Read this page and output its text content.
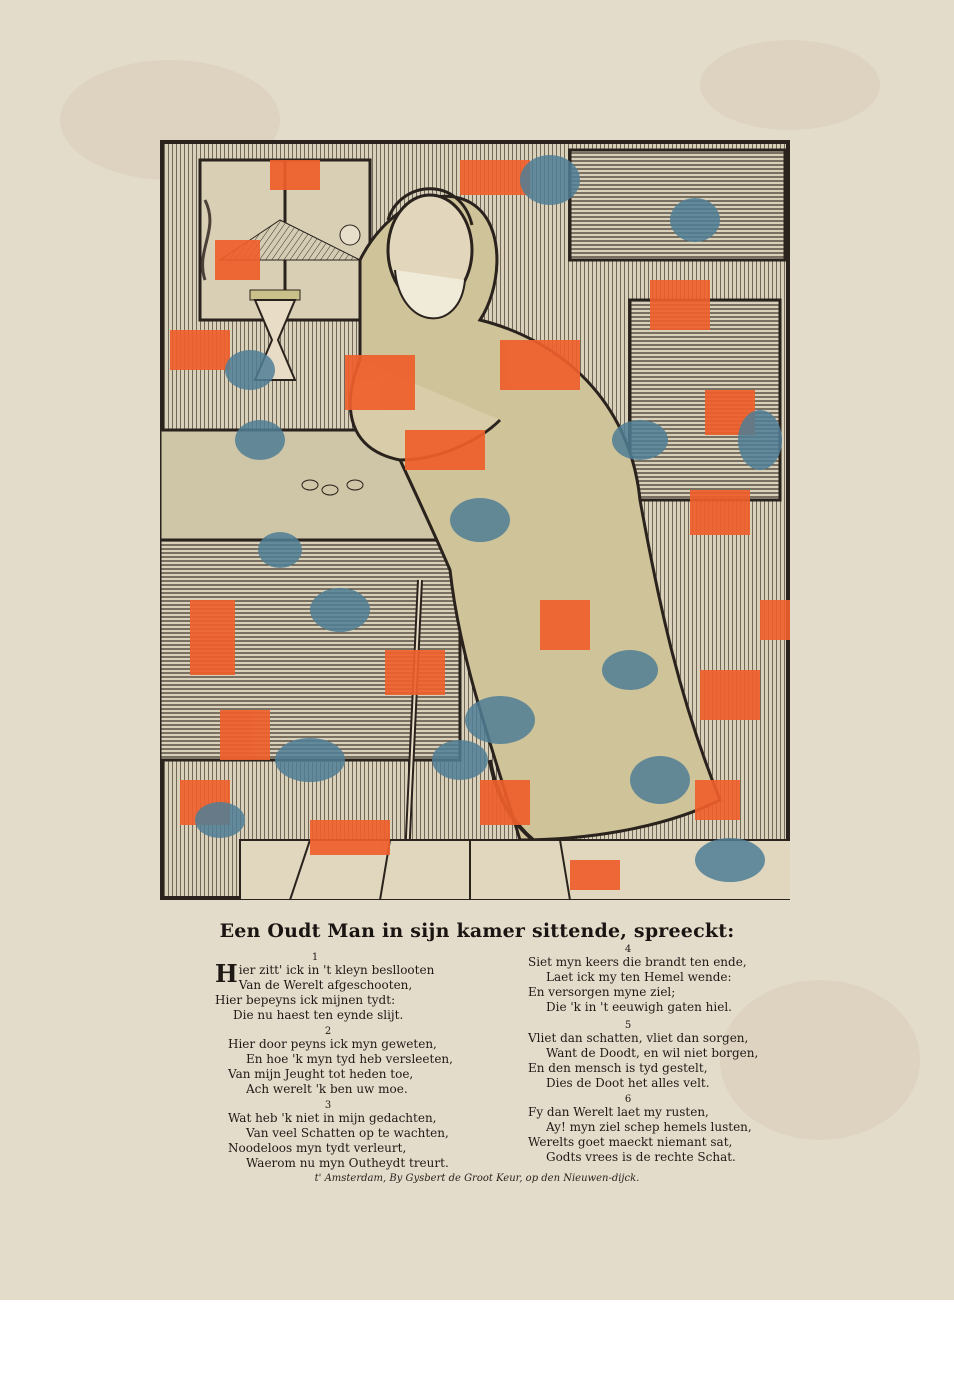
Een Oudt Man in sijn kamer sittende, spreeckt:
1
Hier zitt' ick in 't kleyn besllooten
Van de Werelt afgeschooten,
Hier bepeyns ick mijnen tydt:
Die nu haest ten eynde slijt.
2
Hier door peyns ick myn geweten,
En hoe 'k myn tyd heb versleeten,
Van mijn Jeught tot heden toe,
Ach werelt 'k ben uw moe.
3
Wat heb 'k niet in mijn gedachten,
Van veel Schatten op te wachten,
Noodeloos myn tydt verleurt,
Waerom nu myn Outheydt treurt.
4
Siet myn keers die brandt ten ende,
Laet ick my ten Hemel wende:
En versorgen myne ziel;
Die 'k in 't eeuwigh gaten hiel.
5
Vliet dan schatten, vliet dan sorgen,
Want de Doodt, en wil niet borgen,
En den mensch is tyd gestelt,
Dies de Doot het alles velt.
6
Fy dan Werelt laet my rusten,
Ay! myn ziel schep hemels lusten,
Werelts goet maeckt niemant sat,
Godts vrees is de rechte Schat.
t' Amsterdam, By Gysbert de Groot Keur, op den Nieuwen-dijck.
